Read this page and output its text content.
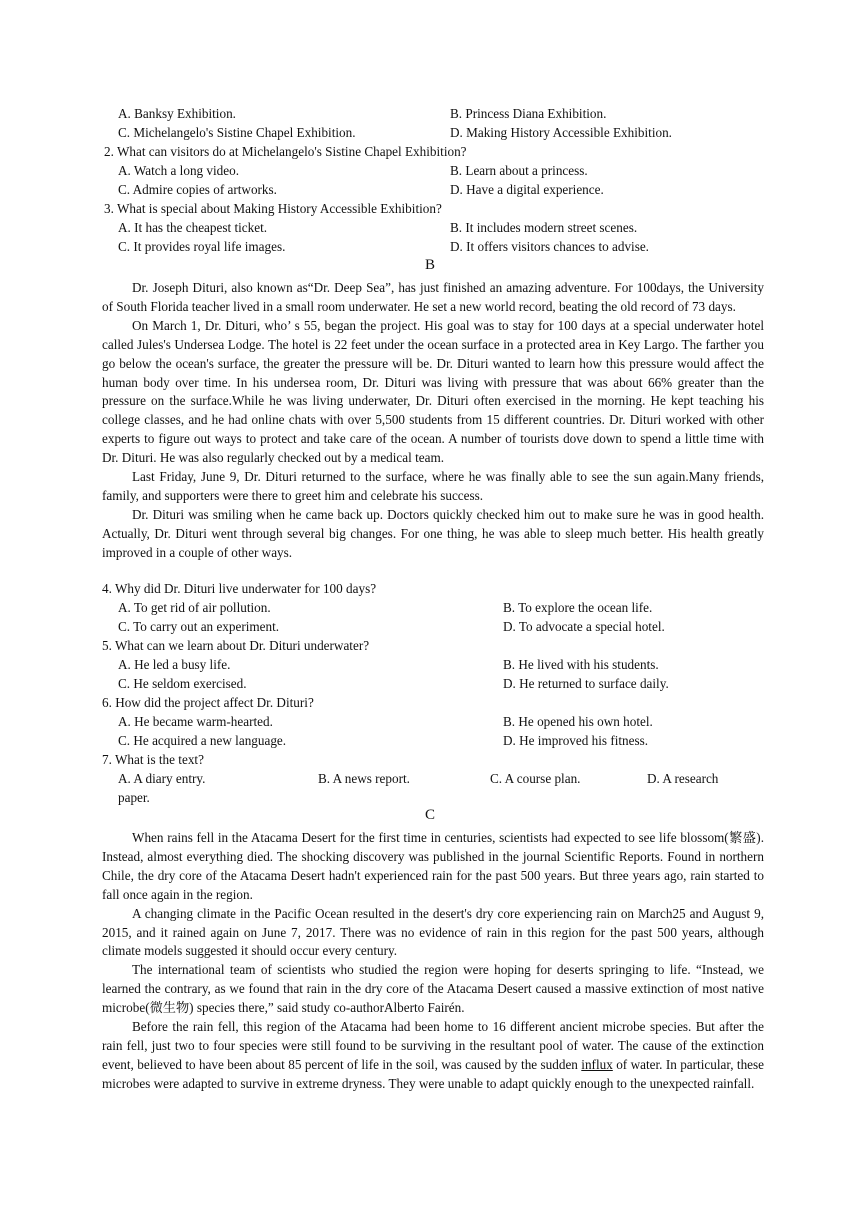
A. Banksy Exhibition.	B. Princess Diana Exhibition.
C. Michelangelo's Sistine Chapel Exhibition.	D. Making History Accessible Exhibition.
2. What can visitors do at Michelangelo's Sistine Chapel Exhibition?
A. Watch a long video.	B. Learn about a princess.
C. Admire copies of artworks.	D. Have a digital experience.
3. What is special about Making History Accessible Exhibition?
A. It has the cheapest ticket.	B. It includes modern street scenes.
C. It provides royal life images.	D. It offers visitors chances to advise.
B

Dr. Joseph Dituri, also known as“Dr. Deep Sea”, has just finished an amazing adventure. For 100days, the University of South Florida teacher lived in a small room underwater. He set a new world record, beating the old record of 73 days.

On March 1, Dr. Dituri, who’ s 55, began the project. His goal was to stay for 100 days at a special underwater hotel called Jules's Undersea Lodge. The hotel is 22 feet under the ocean surface in a protected area in Key Largo. The farther you go below the ocean's surface, the greater the pressure will be. Dr. Dituri wanted to learn how this pressure would affect the human body over time. In his undersea room, Dr. Dituri was living with pressure that was about 66% greater than the pressure on the surface.While he was living underwater, Dr. Dituri often exercised in the morning. He kept teaching his college classes, and he had online chats with over 5,500 students from 15 different countries. Dr. Dituri worked with other experts to figure out ways to protect and take care of the ocean. A number of tourists dove down to spend a little time with Dr. Dituri. He was also regularly checked out by a medical team.

Last Friday, June 9, Dr. Dituri returned to the surface, where he was finally able to see the sun again.Many friends, family, and supporters were there to greet him and celebrate his success.

Dr. Dituri was smiling when he came back up. Doctors quickly checked him out to make sure he was in good health. Actually, Dr. Dituri went through several big changes. For one thing, he was able to sleep much better. His health greatly improved in a couple of other ways.

4. Why did Dr. Dituri live underwater for 100 days?
A. To get rid of air pollution.	B. To explore the ocean life.
C. To carry out an experiment.	D. To advocate a special hotel.
5. What can we learn about Dr. Dituri underwater?
A. He led a busy life.	B. He lived with his students.
C. He seldom exercised.	D. He returned to surface daily.
6. How did the project affect Dr. Dituri?
A. He became warm-hearted.	B. He opened his own hotel.
C. He acquired a new language.	D. He improved his fitness.
7. What is the text?
A. A diary entry.	B. A news report.	C. A course plan.	D. A research
paper.
C

When rains fell in the Atacama Desert for the first time in centuries, scientists had expected to see life blossom(繁盛). Instead, almost everything died. The shocking discovery was published in the journal Scientific Reports. Found in northern Chile, the dry core of the Atacama Desert hadn't experienced rain for the past 500 years. But three years ago, rain started to fall once again in the region.

A changing climate in the Pacific Ocean resulted in the desert's dry core experiencing rain on March25 and August 9, 2015, and it rained again on June 7, 2017. There was no evidence of rain in this region for the past 500 years, although climate models suggested it should occur every century.

The international team of scientists who studied the region were hoping for deserts springing to life. “Instead, we learned the contrary, as we found that rain in the dry core of the Atacama Desert caused a massive extinction of most native microbe(微生物) species there,” said study co-authorAlberto Fairén.

Before the rain fell, this region of the Atacama had been home to 16 different ancient microbe species. But after the rain fell, just two to four species were still found to be surviving in the resultant pool of water. The cause of the extinction event, believed to have been about 85 percent of life in the soil, was caused by the sudden influx of water. In particular, these microbes were adapted to survive in extreme dryness. They were unable to adapt quickly enough to the unexpected rainfall.
